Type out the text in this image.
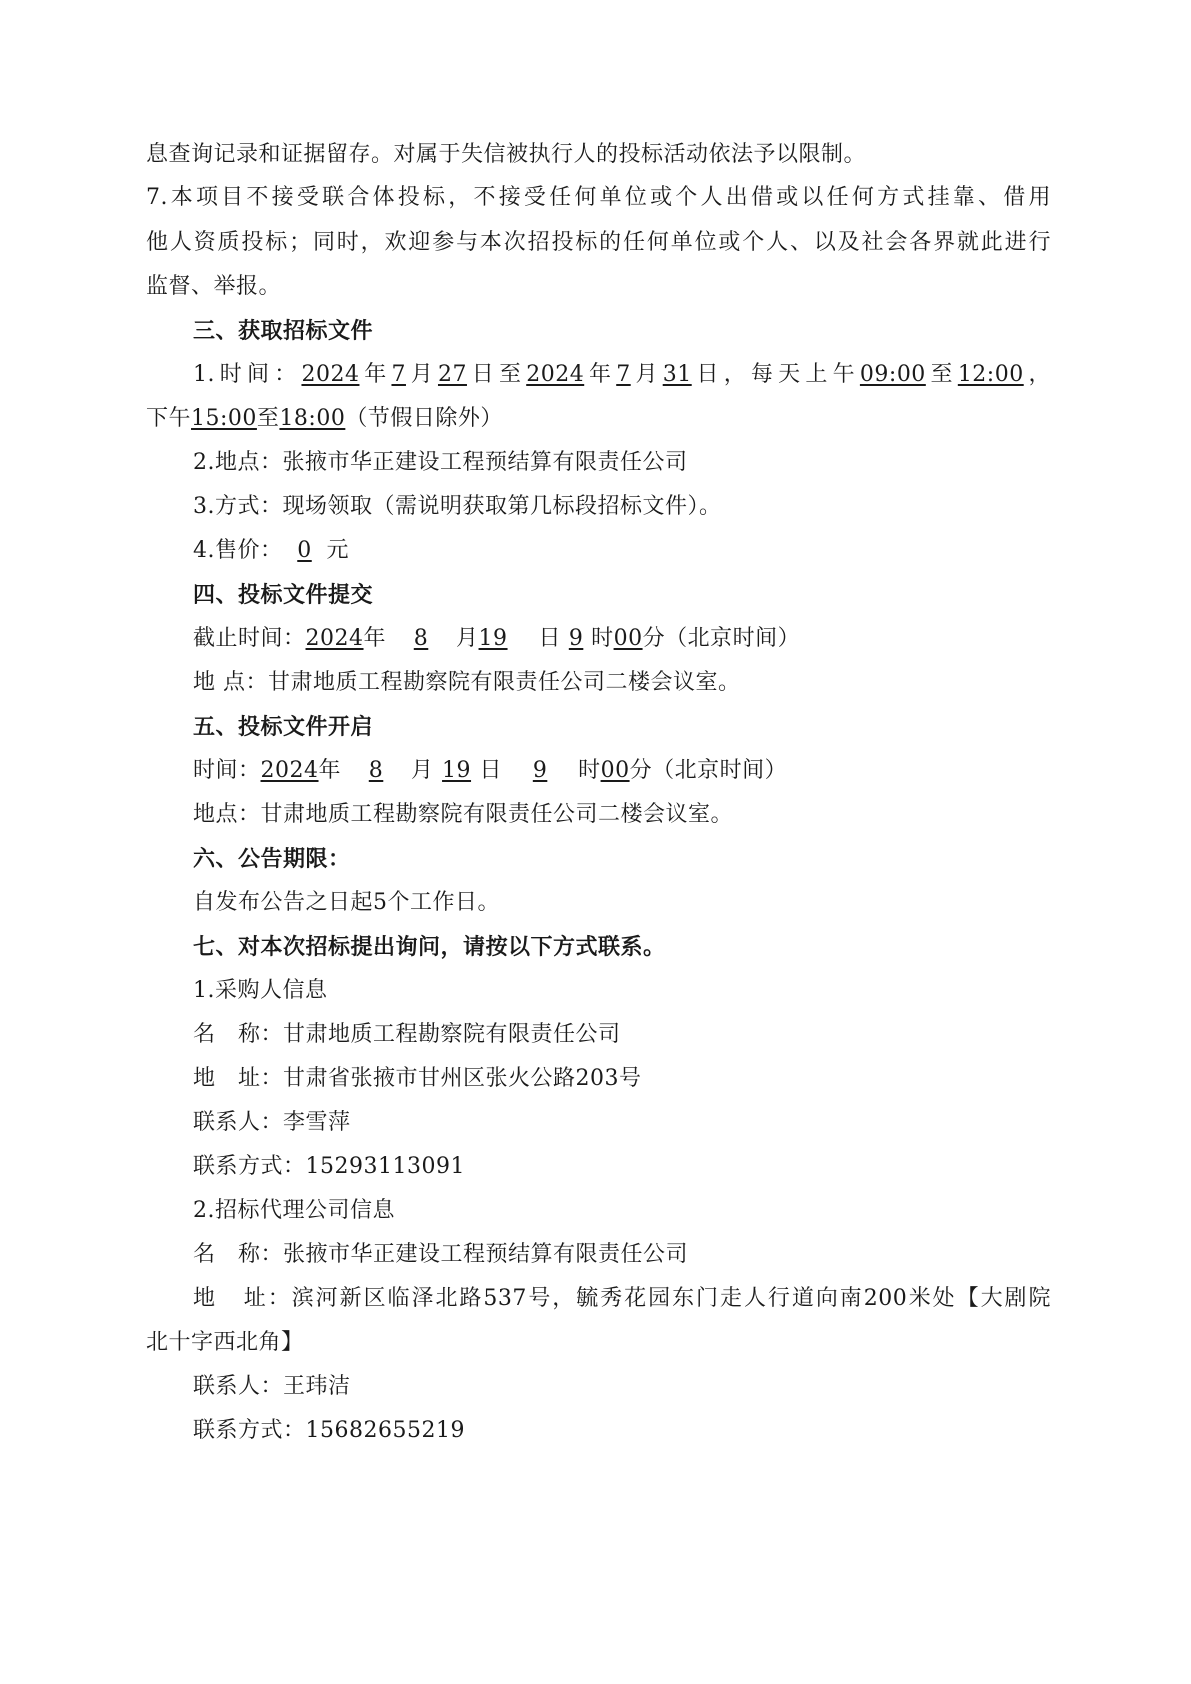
息查询记录和证据留存。对属于失信被执行人的投标活动依法予以限制。
7.本项目不接受联合体投标，不接受任何单位或个人出借或以任何方式挂靠、借用
他人资质投标；同时，欢迎参与本次招投标的任何单位或个人、以及社会各界就此进行
监督、举报。
三、获取招标文件
1.时间：2024年7月27日至2024年7月31日，每天上午09:00至12:00，
下午15:00至18:00（节假日除外）
2.地点：张掖市华正建设工程预结算有限责任公司
3.方式：现场领取（需说明获取第几标段招标文件）。
4.售价： 0 元
四、投标文件提交
截止时间：2024年 8 月19 日 9 时00分（北京时间）
地 点：甘肃地质工程勘察院有限责任公司二楼会议室。
五、投标文件开启
时间：2024年 8 月 19 日 9 时00分（北京时间）
地点：甘肃地质工程勘察院有限责任公司二楼会议室。
六、公告期限：
自发布公告之日起5个工作日。
七、对本次招标提出询问，请按以下方式联系。
1.采购人信息
名   称：甘肃地质工程勘察院有限责任公司
地   址：甘肃省张掖市甘州区张火公路203号
联系人：李雪萍
联系方式：15293113091
2.招标代理公司信息
名   称：张掖市华正建设工程预结算有限责任公司
地   址：滨河新区临泽北路537号，毓秀花园东门走人行道向南200米处【大剧院
北十字西北角】
联系人：王玮洁
联系方式：15682655219
